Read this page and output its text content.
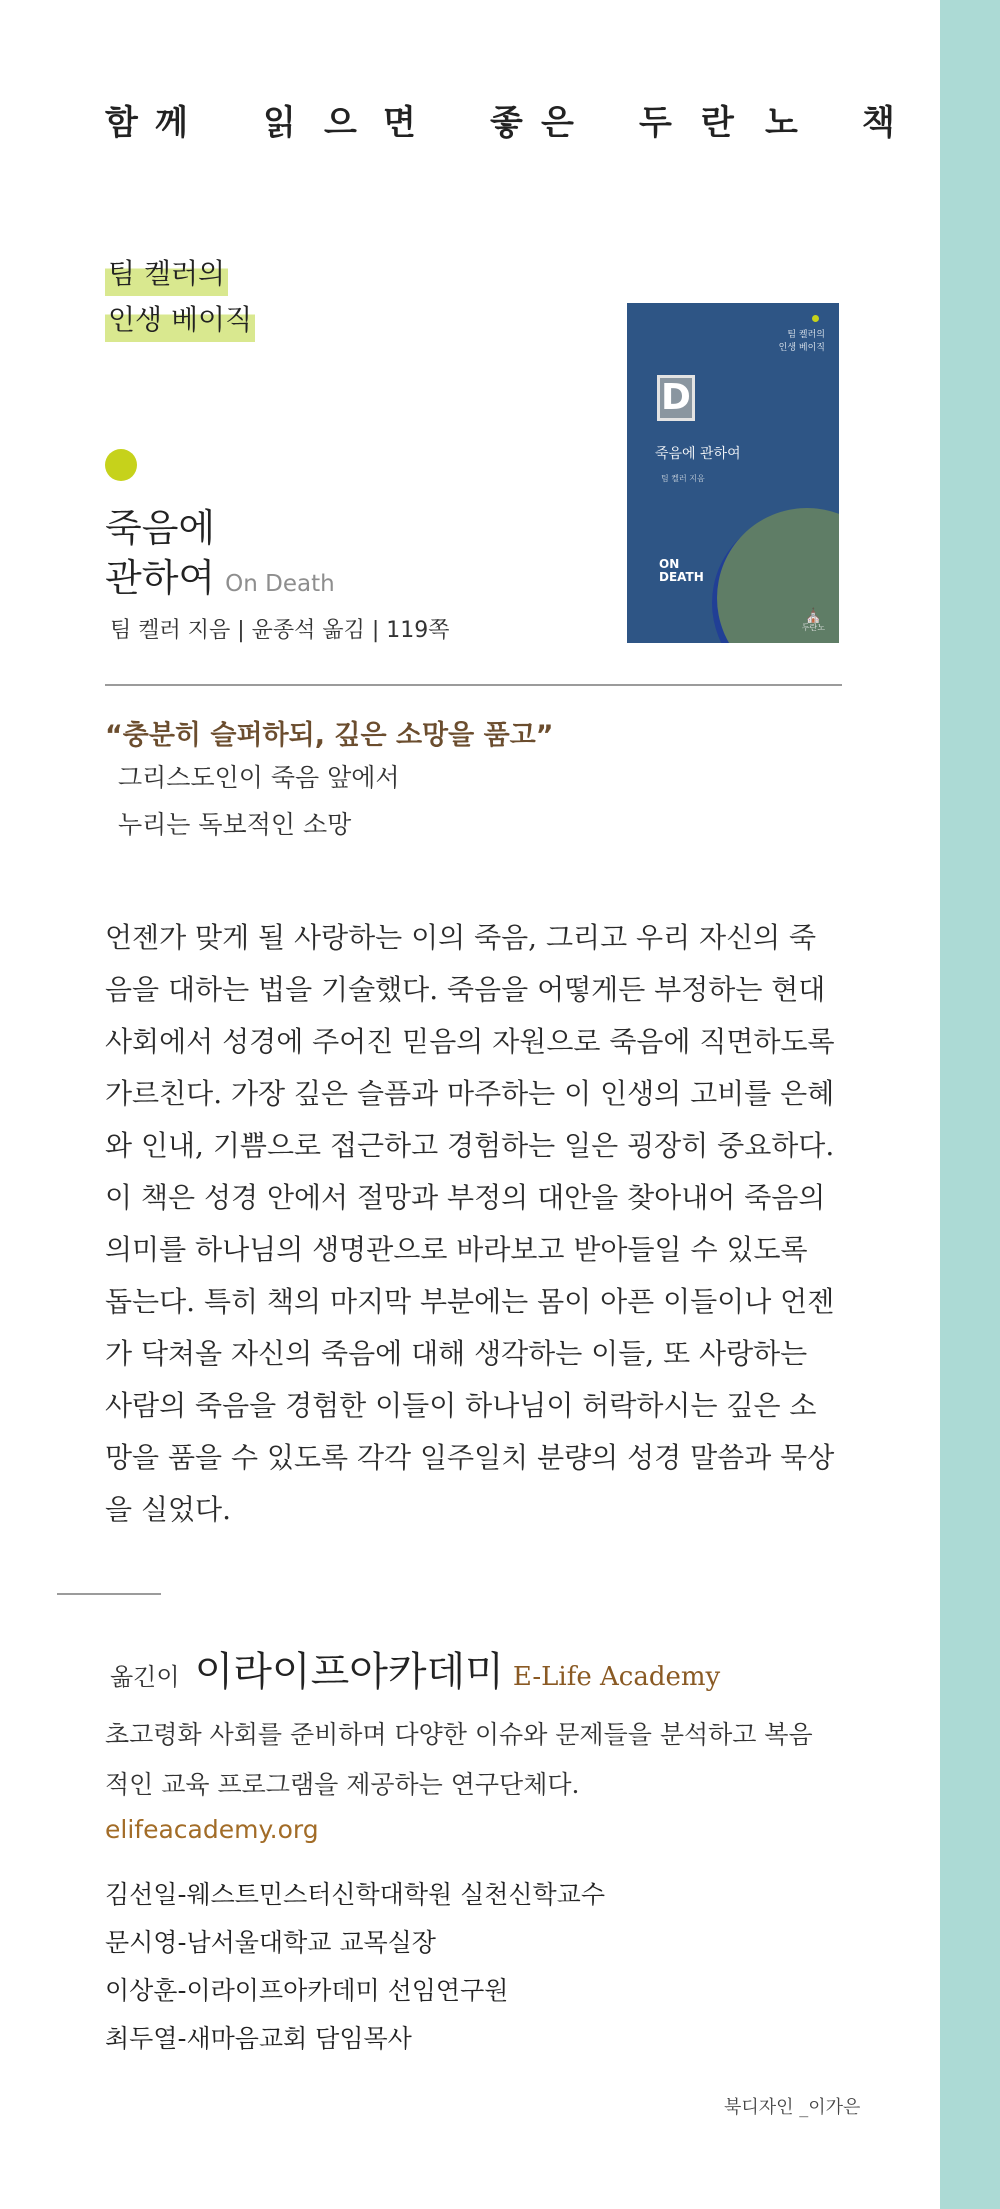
함 께 읽 으 면 좋 은 두 란 노 책
팀 켈러의
인생 베이직
죽음에
관하여 On Death
팀 켈러 지음 | 윤종석 옮김 | 119쪽
팀 켈러의
인생 베이직
D
죽음에 관하여
팀 켈러 지음
ON
DEATH
⛪
두란노
“충분히 슬퍼하되, 깊은 소망을 품고”
그리스도인이 죽음 앞에서
누리는 독보적인 소망
언젠가 맞게 될 사랑하는 이의 죽음, 그리고 우리 자신의 죽
음을 대하는 법을 기술했다. 죽음을 어떻게든 부정하는 현대
사회에서 성경에 주어진 믿음의 자원으로 죽음에 직면하도록
가르친다. 가장 깊은 슬픔과 마주하는 이 인생의 고비를 은혜
와 인내, 기쁨으로 접근하고 경험하는 일은 굉장히 중요하다.
이 책은 성경 안에서 절망과 부정의 대안을 찾아내어 죽음의
의미를 하나님의 생명관으로 바라보고 받아들일 수 있도록
돕는다. 특히 책의 마지막 부분에는 몸이 아픈 이들이나 언젠
가 닥쳐올 자신의 죽음에 대해 생각하는 이들, 또 사랑하는
사람의 죽음을 경험한 이들이 하나님이 허락하시는 깊은 소
망을 품을 수 있도록 각각 일주일치 분량의 성경 말씀과 묵상
을 실었다.
옮긴이 이라이프아카데미 E-Life Academy
초고령화 사회를 준비하며 다양한 이슈와 문제들을 분석하고 복음
적인 교육 프로그램을 제공하는 연구단체다.
elifeacademy.org
김선일-웨스트민스터신학대학원 실천신학교수
문시영-남서울대학교 교목실장
이상훈-이라이프아카데미 선임연구원
최두열-새마음교회 담임목사
북디자인 _이가은
